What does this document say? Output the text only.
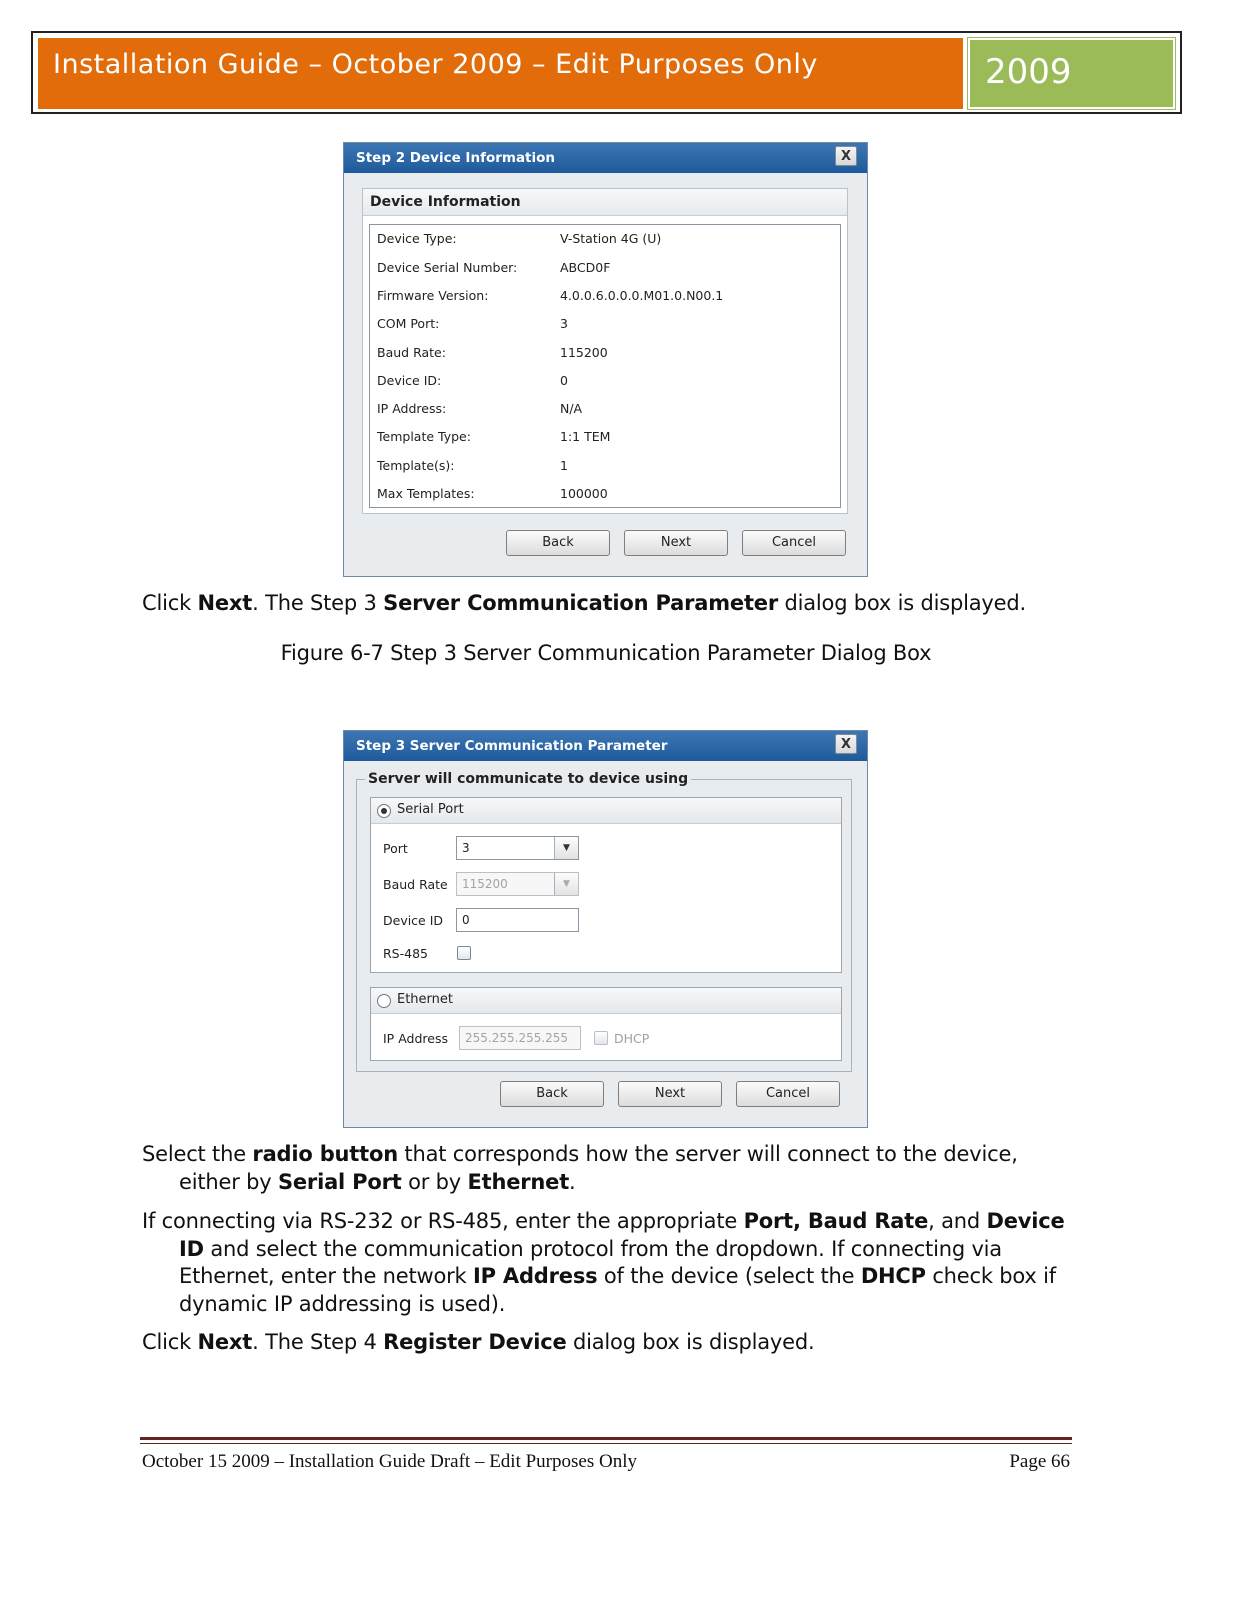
Installation Guide – October 2009 – Edit Purposes Only	2009
Step 2 Device Information	X
Device Information
Device Type:	V-Station 4G (U)
Device Serial Number:	ABCD0F
Firmware Version:	4.0.0.6.0.0.0.M01.0.N00.1
COM Port:	3
Baud Rate:	115200
Device ID:	0
IP Address:	N/A
Template Type:	1:1 TEM
Template(s):	1
Max Templates:	100000
Back	Next	Cancel
Click Next. The Step 3 Server Communication Parameter dialog box is displayed.
Figure 6-7 Step 3 Server Communication Parameter Dialog Box
Step 3 Server Communication Parameter	X
Server will communicate to device using
Serial Port
Port	3	▼
Baud Rate	115200	▼
Device ID	0
RS-485
Ethernet
IP Address	255.255.255.255	DHCP
Back	Next	Cancel
Select the radio button that corresponds how the server will connect to the device, either by Serial Port or by Ethernet.
If connecting via RS-232 or RS-485, enter the appropriate Port, Baud Rate, and Device ID and select the communication protocol from the dropdown. If connecting via Ethernet, enter the network IP Address of the device (select the DHCP check box if dynamic IP addressing is used).
Click Next. The Step 4 Register Device dialog box is displayed.
October 15 2009 – Installation Guide Draft – Edit Purposes Only	Page 66
